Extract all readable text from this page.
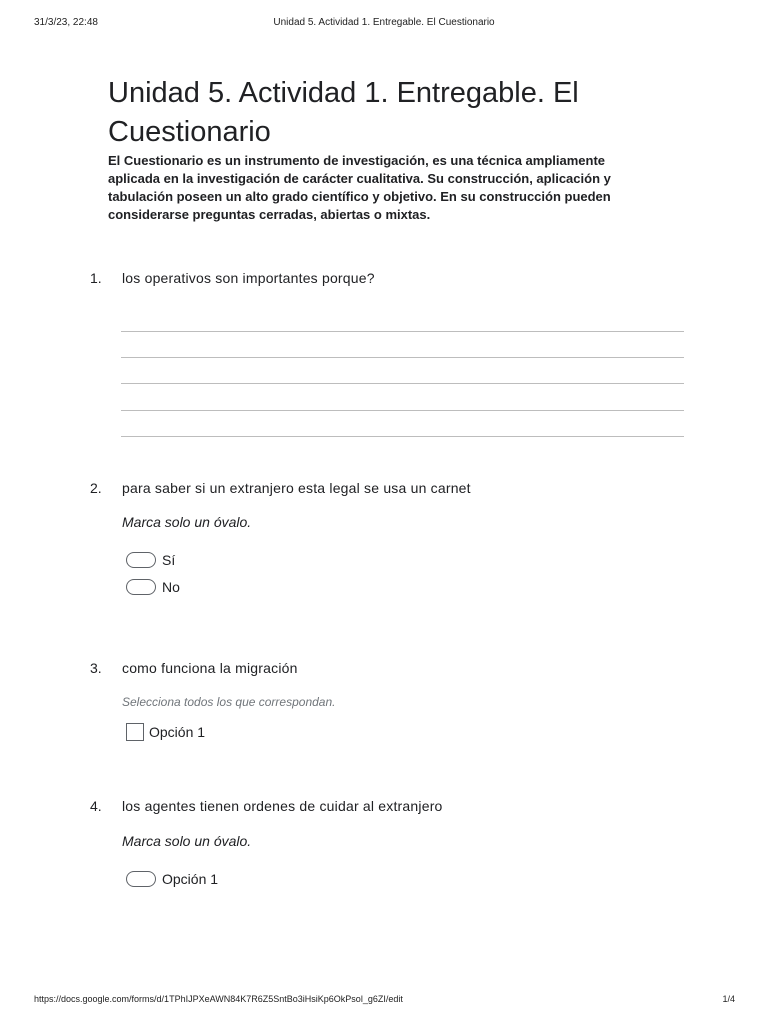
31/3/23, 22:48	Unidad 5. Actividad 1. Entregable. El Cuestionario
Unidad 5. Actividad 1. Entregable. El Cuestionario

El Cuestionario es un instrumento de investigación, es una técnica ampliamente aplicada en la investigación de carácter cualitativa. Su construcción, aplicación y tabulación poseen un alto grado científico y objetivo. En su construcción pueden considerarse preguntas cerradas, abiertas o mixtas.

1. los operativos son importantes porque?
2. para saber si un extranjero esta legal se usa un carnet
Marca solo un óvalo.
Sí
No
3. como funciona la migración
Selecciona todos los que correspondan.
Opción 1
4. los agentes tienen ordenes de cuidar al extranjero
Marca solo un óvalo.
Opción 1
https://docs.google.com/forms/d/1TPhIJPXeAWN84K7R6Z5SntBo3iHsiKp6OkPsol_g6ZI/edit	1/4
